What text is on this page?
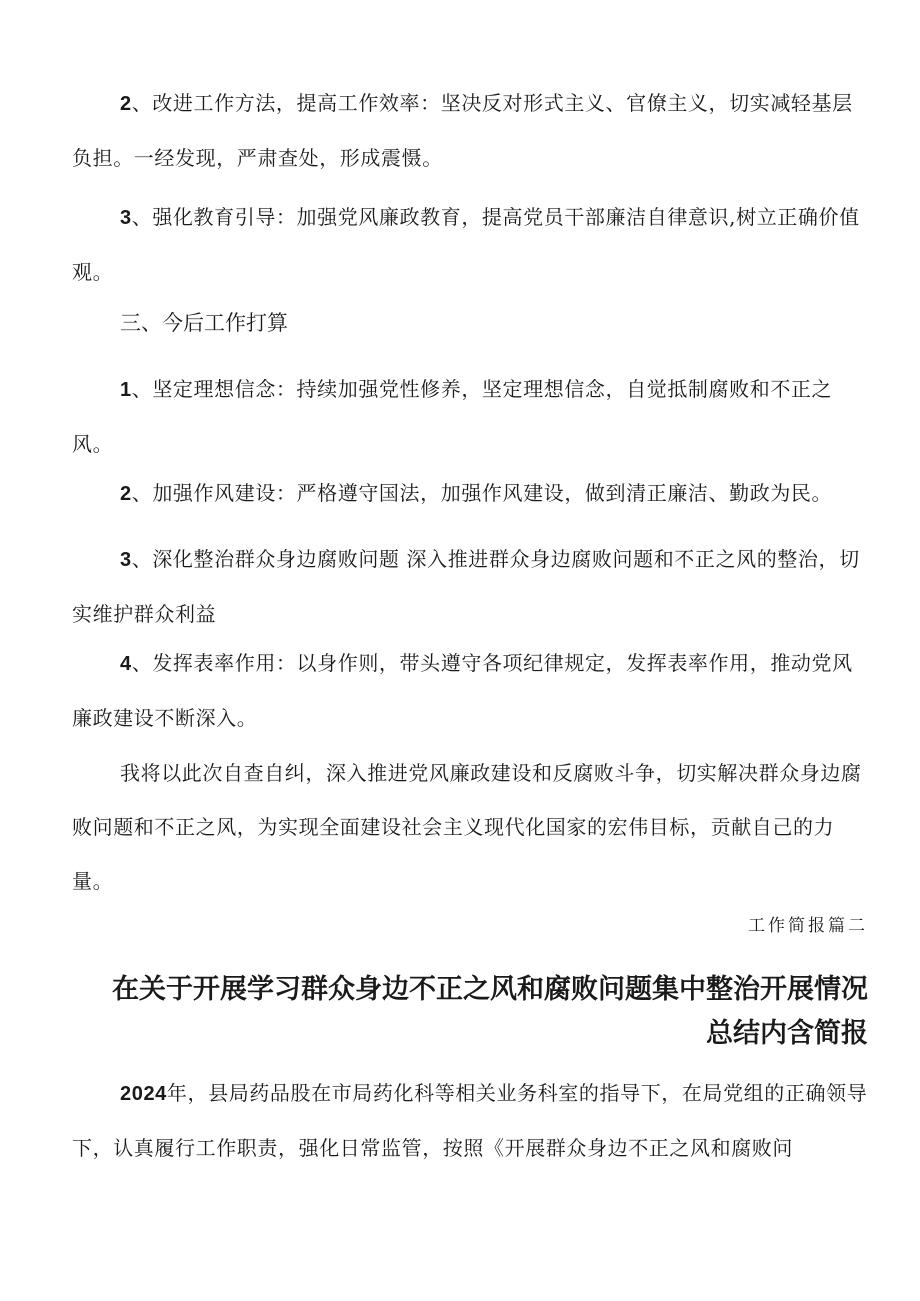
2、改进工作方法，提高工作效率：坚决反对形式主义、官僚主义，切实减轻基层负担。一经发现，严肃查处，形成震慑。

3、强化教育引导：加强党风廉政教育，提高党员干部廉洁自律意识,树立正确价值观。

三、今后工作打算

1、坚定理想信念：持续加强党性修养，坚定理想信念，自觉抵制腐败和不正之风。

2、加强作风建设：严格遵守国法，加强作风建设，做到清正廉洁、勤政为民。

3、深化整治群众身边腐败问题 深入推进群众身边腐败问题和不正之风的整治，切实维护群众利益

4、发挥表率作用：以身作则，带头遵守各项纪律规定，发挥表率作用，推动党风廉政建设不断深入。

我将以此次自查自纠，深入推进党风廉政建设和反腐败斗争，切实解决群众身边腐败问题和不正之风，为实现全面建设社会主义现代化国家的宏伟目标，贡献自己的力量。

工作简报篇二

在关于开展学习群众身边不正之风和腐败问题集中整治开展情况
总结内含简报

2024年，县局药品股在市局药化科等相关业务科室的指导下，在局党组的正确领导下，认真履行工作职责，强化日常监管，按照《开展群众身边不正之风和腐败问
